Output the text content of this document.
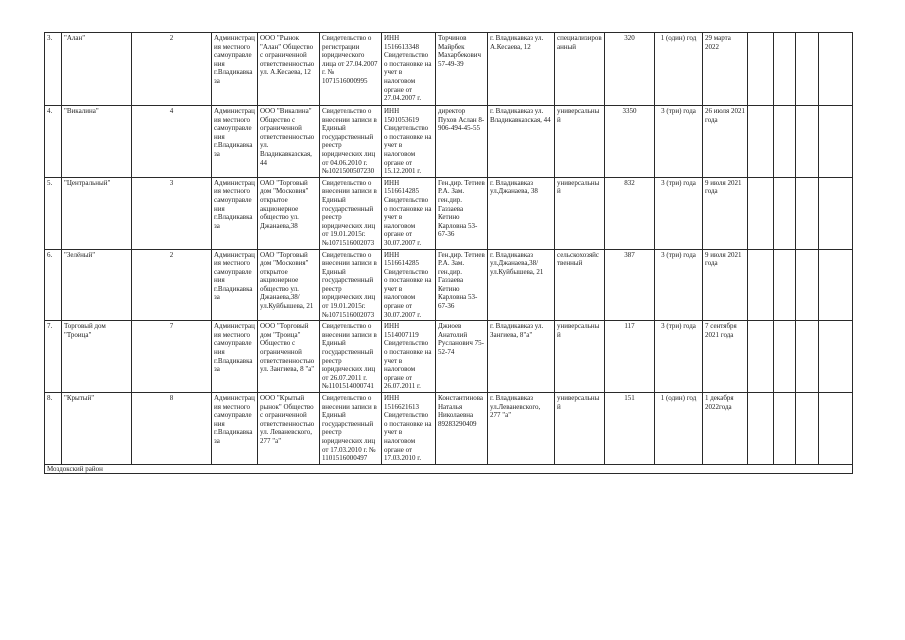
3.	"Алан"	2	Администрация местного самоуправления г.Владикавказа	ООО "Рынок "Алан" Общество с ограниченной ответственностью ул. А.Кесаева, 12	Свидетельство о регистрации юридического лица от 27.04.2007 г. № 1071516000995	ИНН 1516613348 Свидетельство о постановке на учет в налоговом органе от 27.04.2007 г.	Торчинов Майрбек Махарбекович 57-49-39	г. Владикавказ ул. А.Кесаева, 12	специализированный	320	1 (один) год	29 марта 2022				
4.	"Викалина"	4	Администрация местного самоуправления г.Владикавказа	ООО "Викалина" Общество с ограниченной ответственностью ул. Владикавказская, 44	Свидетельство о внесении записи в Единый государственный реестр юридических лиц от 04.06.2010 г. №1021500507230	ИНН 1501053619 Свидетельство о постановке на учет в налоговом органе от 15.12.2001 г.	директор Пухов Аслан 8-906-494-45-55	г. Владикавказ ул. Владикавказская, 44	универсальный	3350	3 (три) года	26 июля 2021 года				
5.	"Центральный"	3	Администрация местного самоуправления г.Владикавказа	ОАО "Торговый дом "Московия" открытое акционерное общество ул. Джанаева,38	Свидетельство о внесении записи в Единый государственный реестр юридических лиц от 19.01.2015г. №1071516002073	ИНН 1516614285 Свидетельство о постановке на учет в налоговом органе от 30.07.2007 г.	Ген.дир. Тетиев Р.А. Зам. ген.дир. Газзаева Кетино Карловна 53-67-36	г. Владикавказ ул.Джанаева, 38	универсальный	832	3 (три) года	9 июля 2021 года				
6.	"Зелёный"	2	Администрация местного самоуправления г.Владикавказа	ОАО "Торговый дом "Московия" открытое акционерное общество ул. Джанаева,38/ ул.Куйбышева, 21	Свидетельство о внесении записи в Единый государственный реестр юридических лиц от 19.01.2015г. №1071516002073	ИНН 1516614285 Свидетельство о постановке на учет в налоговом органе от 30.07.2007 г.	Ген.дир. Тетиев Р.А. Зам. ген.дир. Газзаева Кетино Карловна 53-67-36	г. Владикавказ ул.Джанаева,38/ ул.Куйбышева, 21	сельскохозяйственный	387	3 (три) года	9 июля 2021 года				
7.	Торговый дом "Троица"	7	Администрация местного самоуправления г.Владикавказа	ООО "Торговый дом "Троица" Общество с ограниченной ответственностью ул. Зангиева, 8 "а"	Свидетельство о внесении записи в Единый государственный реестр юридических лиц от 26.07.2011 г. №1101514000741	ИНН 1514007119 Свидетельство о постановке на учет в налоговом органе от 26.07.2011 г.	Джиоев Анатолий Русланович 75-52-74	г. Владикавказ ул. Зангиева, 8"а"	универсальный	117	3 (три) года	7 сентября 2021 года				
8.	"Крытый"	8	Администрация местного самоуправления г.Владикавказа	ООО "Крытый рынок" Общество с ограниченной ответственностью ул. Леваневского, 277 "а"	Свидетельство о внесении записи в Единый государственный реестр юридических лиц от 17.03.2010 г. № 1101516000497	ИНН 1516621613 Свидетельство о постановке на учет в налоговом органе от 17.03.2010 г.	Константинова Наталья Николаевна 89283290409	г. Владикавказ ул.Леваневского, 277 "а"	универсальный	151	1 (один) год	1 декабря 2022года				
Моздокский район																
